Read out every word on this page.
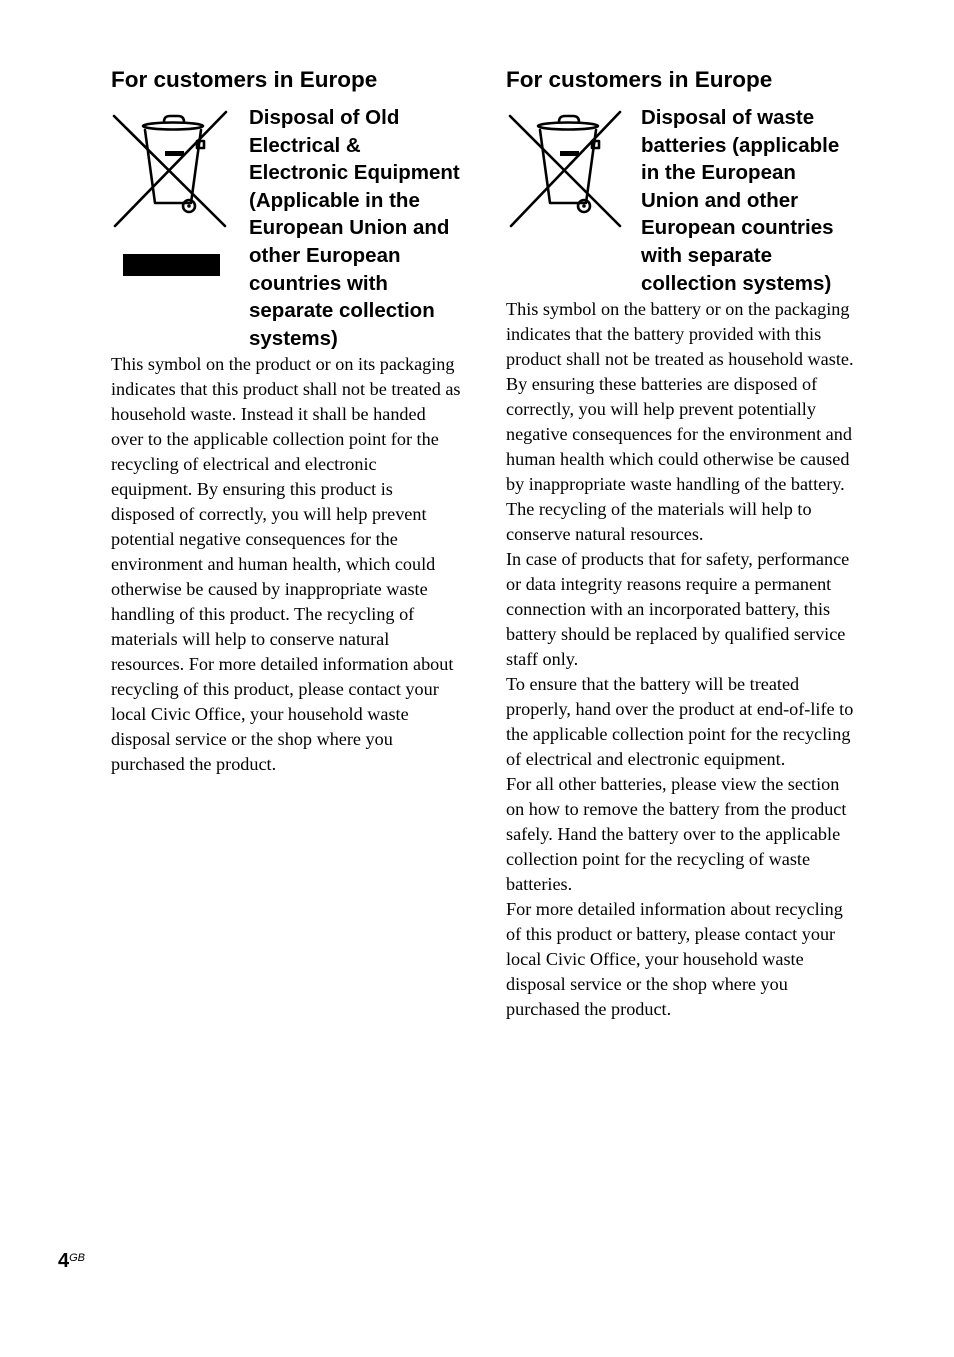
For customers in Europe
Disposal of Old Electrical & Electronic Equipment (Applicable in the European Union and other European countries with separate collection systems)

This symbol on the product or on its packaging indicates that this product shall not be treated as household waste. Instead it shall be handed over to the applicable collection point for the recycling of electrical and electronic equipment. By ensuring this product is disposed of correctly, you will help prevent potential negative consequences for the environment and human health, which could otherwise be caused by inappropriate waste handling of this product. The recycling of materials will help to conserve natural resources. For more detailed information about recycling of this product, please contact your local Civic Office, your household waste disposal service or the shop where you purchased the product.

For customers in Europe
Disposal of waste batteries (applicable in the European Union and other European countries with separate collection systems)

This symbol on the battery or on the packaging indicates that the battery provided with this product shall not be treated as household waste.

By ensuring these batteries are disposed of correctly, you will help prevent potentially negative consequences for the environment and human health which could otherwise be caused by inappropriate waste handling of the battery. The recycling of the materials will help to conserve natural resources.

In case of products that for safety, performance or data integrity reasons require a permanent connection with an incorporated battery, this battery should be replaced by qualified service staff only.

To ensure that the battery will be treated properly, hand over the product at end-of-life to the applicable collection point for the recycling of electrical and electronic equipment.

For all other batteries, please view the section on how to remove the battery from the product safely. Hand the battery over to the applicable collection point for the recycling of waste batteries.

For more detailed information about recycling of this product or battery, please contact your local Civic Office, your household waste disposal service or the shop where you purchased the product.

$4^{GB}$
